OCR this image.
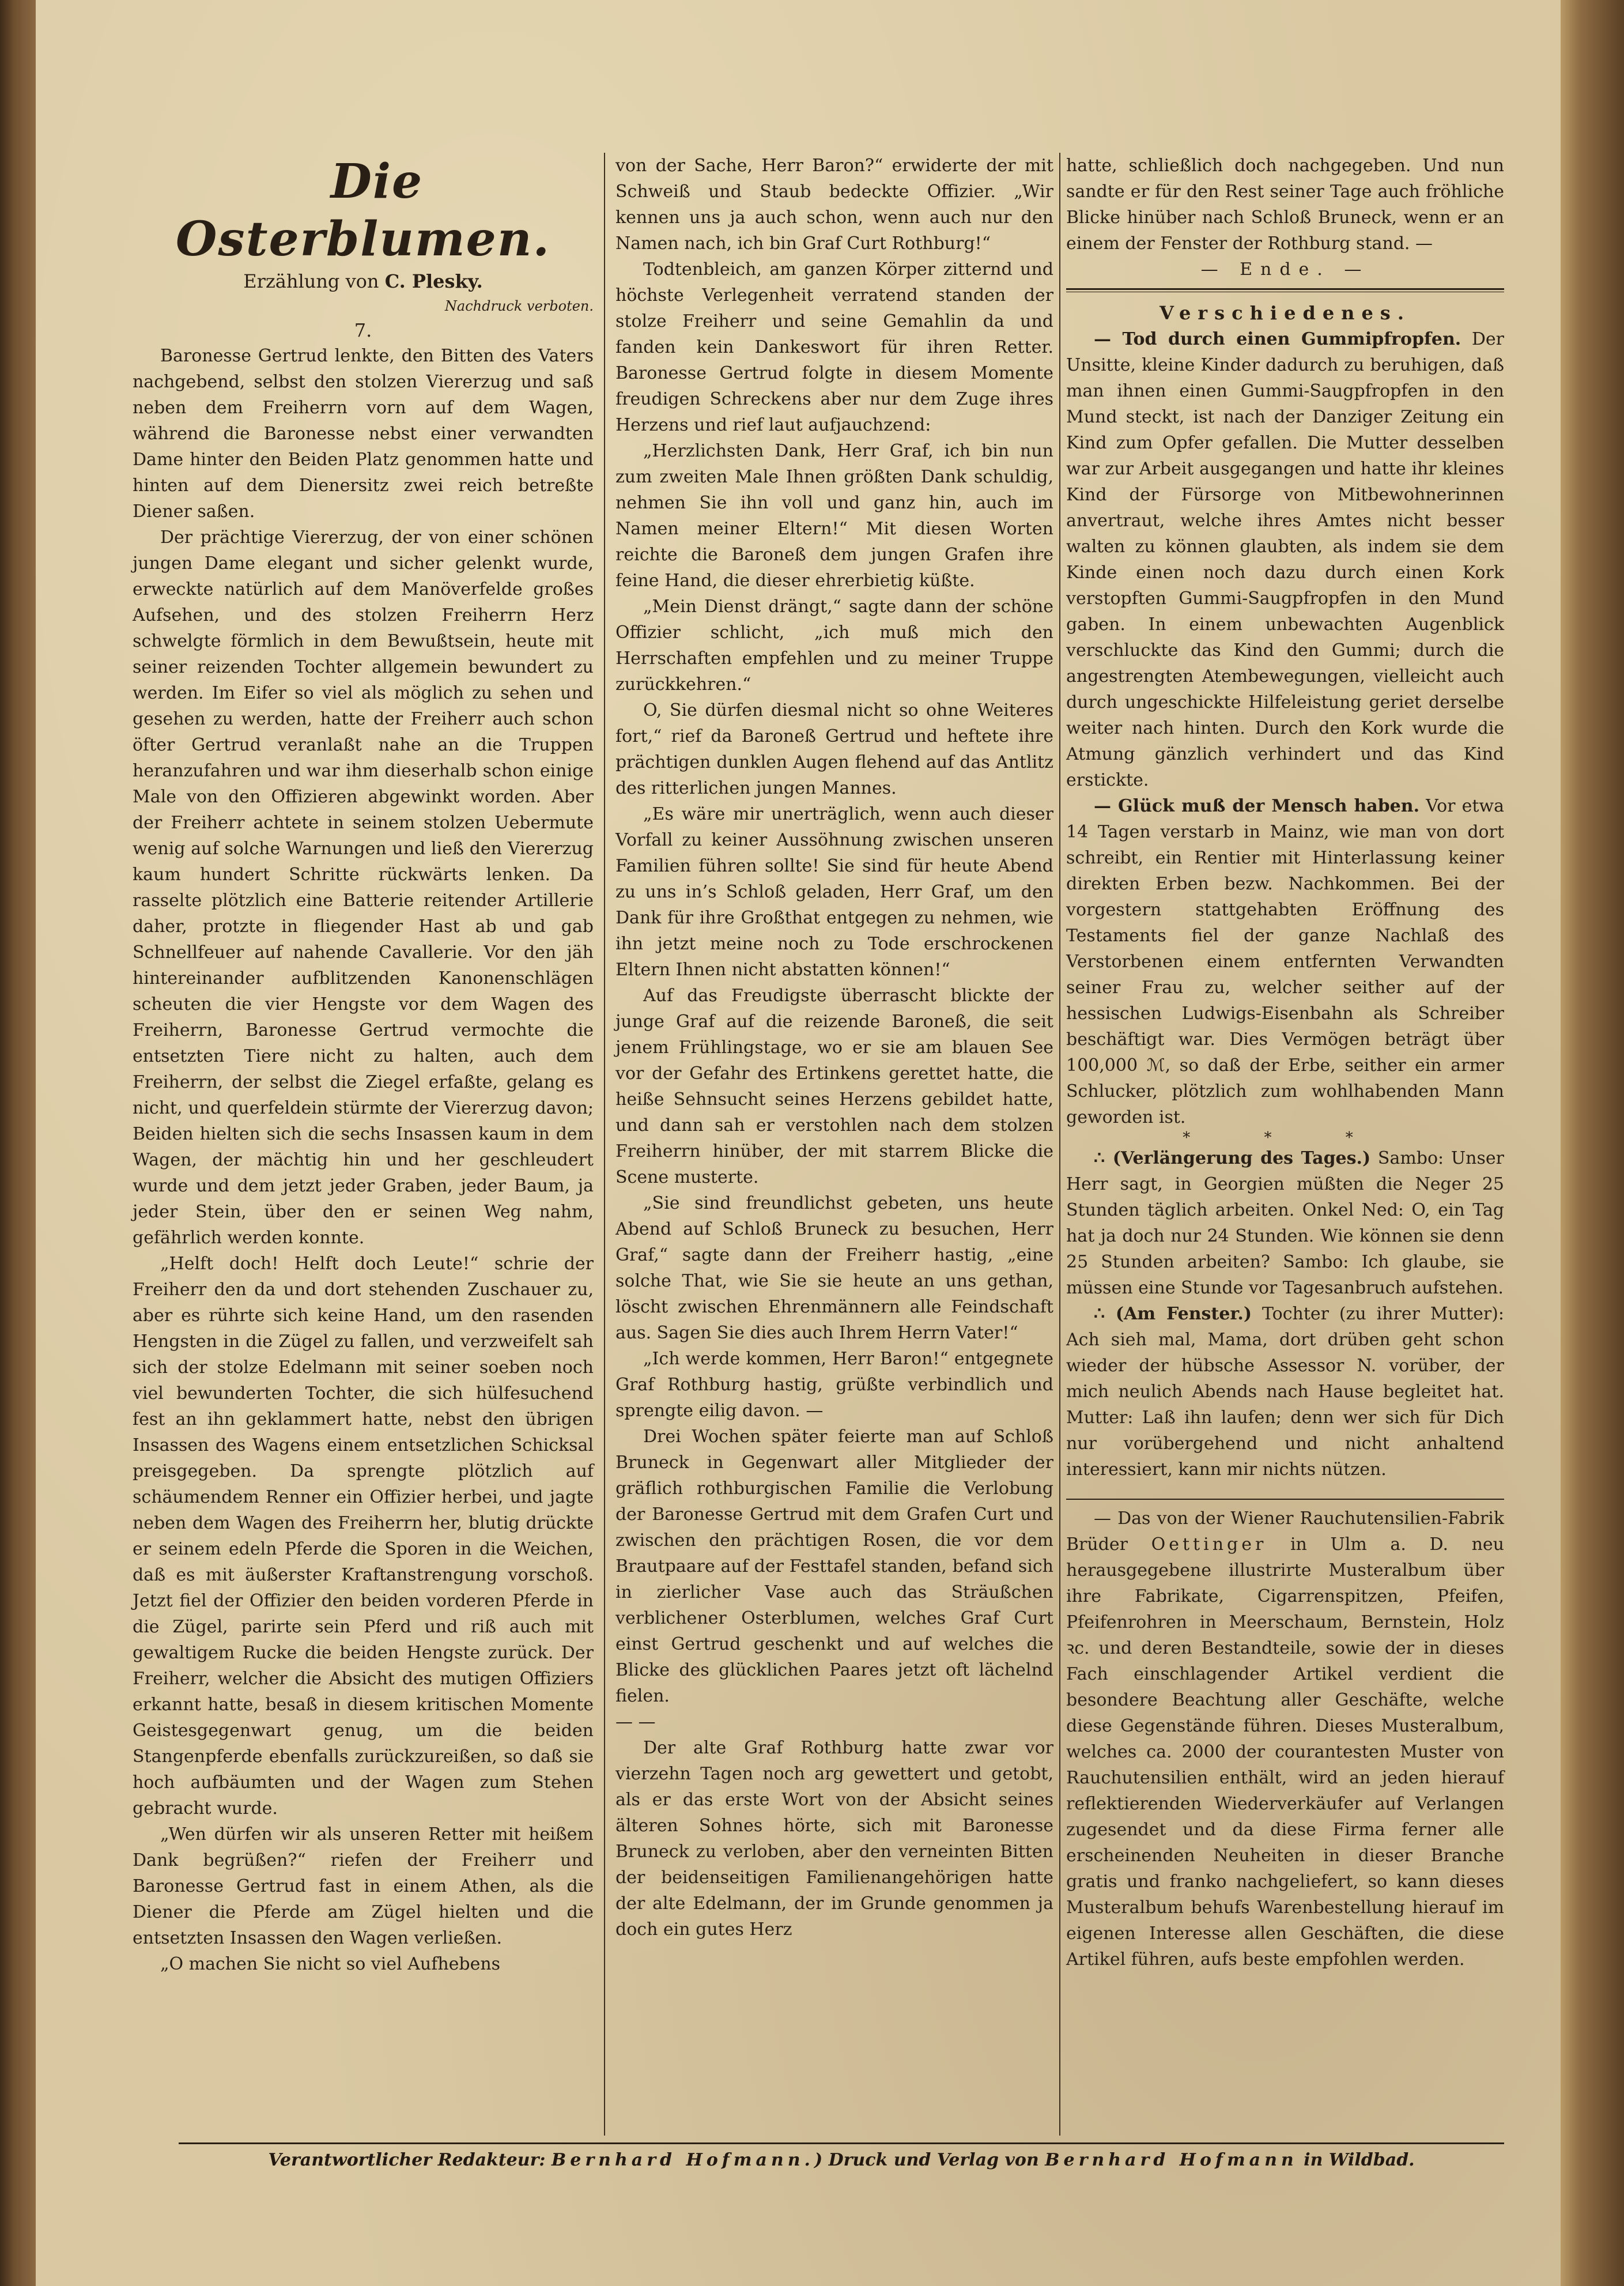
Die Osterblumen.

Erzählung von C. Plesky.

Nachdruck verboten.

7.

Baronesse Gertrud lenkte, den Bitten des Vaters nachgebend, selbst den stolzen Viererzug und saß neben dem Freiherrn vorn auf dem Wagen, während die Baronesse nebst einer verwandten Dame hinter den Beiden Platz genommen hatte und hinten auf dem Dienersitz zwei reich betreßte Diener saßen.

Der prächtige Viererzug, der von einer schönen jungen Dame elegant und sicher gelenkt wurde, erweckte natürlich auf dem Manöverfelde großes Aufsehen, und des stolzen Freiherrn Herz schwelgte förmlich in dem Bewußtsein, heute mit seiner reizenden Tochter allgemein bewundert zu werden. Im Eifer so viel als möglich zu sehen und gesehen zu werden, hatte der Freiherr auch schon öfter Gertrud veranlaßt nahe an die Truppen heranzufahren und war ihm dieserhalb schon einige Male von den Offizieren abgewinkt worden. Aber der Freiherr achtete in seinem stolzen Uebermute wenig auf solche Warnungen und ließ den Viererzug kaum hundert Schritte rückwärts lenken. Da rasselte plötzlich eine Batterie reitender Artillerie daher, protzte in fliegender Hast ab und gab Schnellfeuer auf nahende Cavallerie. Vor den jäh hintereinander aufblitzenden Kanonenschlägen scheuten die vier Hengste vor dem Wagen des Freiherrn, Baronesse Gertrud vermochte die entsetzten Tiere nicht zu halten, auch dem Freiherrn, der selbst die Ziegel erfaßte, gelang es nicht, und querfeldein stürmte der Viererzug davon; Beiden hielten sich die sechs Insassen kaum in dem Wagen, der mächtig hin und her geschleudert wurde und dem jetzt jeder Graben, jeder Baum, ja jeder Stein, über den er seinen Weg nahm, gefährlich werden konnte.

„Helft doch! Helft doch Leute!“ schrie der Freiherr den da und dort stehenden Zuschauer zu, aber es rührte sich keine Hand, um den rasenden Hengsten in die Zügel zu fallen, und verzweifelt sah sich der stolze Edelmann mit seiner soeben noch viel bewunderten Tochter, die sich hülfesuchend fest an ihn geklammert hatte, nebst den übrigen Insassen des Wagens einem entsetzlichen Schicksal preisgegeben. Da sprengte plötzlich auf schäumendem Renner ein Offizier herbei, und jagte neben dem Wagen des Freiherrn her, blutig drückte er seinem edeln Pferde die Sporen in die Weichen, daß es mit äußerster Kraftanstrengung vorschoß. Jetzt fiel der Offizier den beiden vorderen Pferde in die Zügel, parirte sein Pferd und riß auch mit gewaltigem Rucke die beiden Hengste zurück. Der Freiherr, welcher die Absicht des mutigen Offiziers erkannt hatte, besaß in diesem kritischen Momente Geistesgegenwart genug, um die beiden Stangenpferde ebenfalls zurückzureißen, so daß sie hoch aufbäumten und der Wagen zum Stehen gebracht wurde.

„Wen dürfen wir als unseren Retter mit heißem Dank begrüßen?“ riefen der Freiherr und Baronesse Gertrud fast in einem Athen, als die Diener die Pferde am Zügel hielten und die entsetzten Insassen den Wagen verließen.

„O machen Sie nicht so viel Aufhebens

von der Sache, Herr Baron?“ erwiderte der mit Schweiß und Staub bedeckte Offizier. „Wir kennen uns ja auch schon, wenn auch nur den Namen nach, ich bin Graf Curt Rothburg!“

Todtenbleich, am ganzen Körper zitternd und höchste Verlegenheit verratend standen der stolze Freiherr und seine Gemahlin da und fanden kein Dankeswort für ihren Retter. Baronesse Gertrud folgte in diesem Momente freudigen Schreckens aber nur dem Zuge ihres Herzens und rief laut aufjauchzend:

„Herzlichsten Dank, Herr Graf, ich bin nun zum zweiten Male Ihnen größten Dank schuldig, nehmen Sie ihn voll und ganz hin, auch im Namen meiner Eltern!“ Mit diesen Worten reichte die Baroneß dem jungen Grafen ihre feine Hand, die dieser ehrerbietig küßte.

„Mein Dienst drängt,“ sagte dann der schöne Offizier schlicht, „ich muß mich den Herrschaften empfehlen und zu meiner Truppe zurückkehren.“

O, Sie dürfen diesmal nicht so ohne Weiteres fort,“ rief da Baroneß Gertrud und heftete ihre prächtigen dunklen Augen flehend auf das Antlitz des ritterlichen jungen Mannes.

„Es wäre mir unerträglich, wenn auch dieser Vorfall zu keiner Aussöhnung zwischen unseren Familien führen sollte! Sie sind für heute Abend zu uns in’s Schloß geladen, Herr Graf, um den Dank für ihre Großthat entgegen zu nehmen, wie ihn jetzt meine noch zu Tode erschrockenen Eltern Ihnen nicht abstatten können!“

Auf das Freudigste überrascht blickte der junge Graf auf die reizende Baroneß, die seit jenem Frühlingstage, wo er sie am blauen See vor der Gefahr des Ertinkens gerettet hatte, die heiße Sehnsucht seines Herzens gebildet hatte, und dann sah er verstohlen nach dem stolzen Freiherrn hinüber, der mit starrem Blicke die Scene musterte.

„Sie sind freundlichst gebeten, uns heute Abend auf Schloß Bruneck zu besuchen, Herr Graf,“ sagte dann der Freiherr hastig, „eine solche That, wie Sie sie heute an uns gethan, löscht zwischen Ehrenmännern alle Feindschaft aus. Sagen Sie dies auch Ihrem Herrn Vater!“

„Ich werde kommen, Herr Baron!“ entgegnete Graf Rothburg hastig, grüßte verbindlich und sprengte eilig davon. —

Drei Wochen später feierte man auf Schloß Bruneck in Gegenwart aller Mitglieder der gräflich rothburgischen Familie die Verlobung der Baronesse Gertrud mit dem Grafen Curt und zwischen den prächtigen Rosen, die vor dem Brautpaare auf der Festtafel standen, befand sich in zierlicher Vase auch das Sträußchen verblichener Osterblumen, welches Graf Curt einst Gertrud geschenkt und auf welches die Blicke des glücklichen Paares jetzt oft lächelnd fielen.

— —

Der alte Graf Rothburg hatte zwar vor vierzehn Tagen noch arg gewettert und getobt, als er das erste Wort von der Absicht seines älteren Sohnes hörte, sich mit Baronesse Bruneck zu verloben, aber den verneinten Bitten der beidenseitigen Familienangehörigen hatte der alte Edelmann, der im Grunde genommen ja doch ein gutes Herz

hatte, schließlich doch nachgegeben. Und nun sandte er für den Rest seiner Tage auch fröhliche Blicke hinüber nach Schloß Bruneck, wenn er an einem der Fenster der Rothburg stand. —

— Ende. —

Verschiedenes.

— Tod durch einen Gummipfropfen. Der Unsitte, kleine Kinder dadurch zu beruhigen, daß man ihnen einen Gummi-Saugpfropfen in den Mund steckt, ist nach der Danziger Zeitung ein Kind zum Opfer gefallen. Die Mutter desselben war zur Arbeit ausgegangen und hatte ihr kleines Kind der Fürsorge von Mitbewohnerinnen anvertraut, welche ihres Amtes nicht besser walten zu können glaubten, als indem sie dem Kinde einen noch dazu durch einen Kork verstopften Gummi-Saugpfropfen in den Mund gaben. In einem unbewachten Augenblick verschluckte das Kind den Gummi; durch die angestrengten Atembewegungen, vielleicht auch durch ungeschickte Hilfeleistung geriet derselbe weiter nach hinten. Durch den Kork wurde die Atmung gänzlich verhindert und das Kind erstickte.

— Glück muß der Mensch haben. Vor etwa 14 Tagen verstarb in Mainz, wie man von dort schreibt, ein Rentier mit Hinterlassung keiner direkten Erben bezw. Nachkommen. Bei der vorgestern stattgehabten Eröffnung des Testaments fiel der ganze Nachlaß des Verstorbenen einem entfernten Verwandten seiner Frau zu, welcher seither auf der hessischen Ludwigs-Eisenbahn als Schreiber beschäftigt war. Dies Vermögen beträgt über 100,000 ℳ, so daß der Erbe, seither ein armer Schlucker, plötzlich zum wohlhabenden Mann geworden ist.

* * *

∴ (Verlängerung des Tages.) Sambo: Unser Herr sagt, in Georgien müßten die Neger 25 Stunden täglich arbeiten. Onkel Ned: O, ein Tag hat ja doch nur 24 Stunden. Wie können sie denn 25 Stunden arbeiten? Sambo: Ich glaube, sie müssen eine Stunde vor Tagesanbruch aufstehen.

∴ (Am Fenster.) Tochter (zu ihrer Mutter): Ach sieh mal, Mama, dort drüben geht schon wieder der hübsche Assessor N. vorüber, der mich neulich Abends nach Hause begleitet hat. Mutter: Laß ihn laufen; denn wer sich für Dich nur vorübergehend und nicht anhaltend interessiert, kann mir nichts nützen.

— Das von der Wiener Rauchutensilien-Fabrik Brüder Oettinger in Ulm a. D. neu herausgegebene illustrirte Musteralbum über ihre Fabrikate, Cigarrenspitzen, Pfeifen, Pfeifenrohren in Meerschaum, Bernstein, Holz ꝛc. und deren Bestandteile, sowie der in dieses Fach einschlagender Artikel verdient die besondere Beachtung aller Geschäfte, welche diese Gegenstände führen. Dieses Musteralbum, welches ca. 2000 der courantesten Muster von Rauchutensilien enthält, wird an jeden hierauf reflektierenden Wiederverkäufer auf Verlangen zugesendet und da diese Firma ferner alle erscheinenden Neuheiten in dieser Branche gratis und franko nachgeliefert, so kann dieses Musteralbum behufs Warenbestellung hierauf im eigenen Interesse allen Geschäften, die diese Artikel führen, aufs beste empfohlen werden.

Verantwortlicher Redakteur: Bernhard Hofmann.) Druck und Verlag von Bernhard Hofmann in Wildbad.
